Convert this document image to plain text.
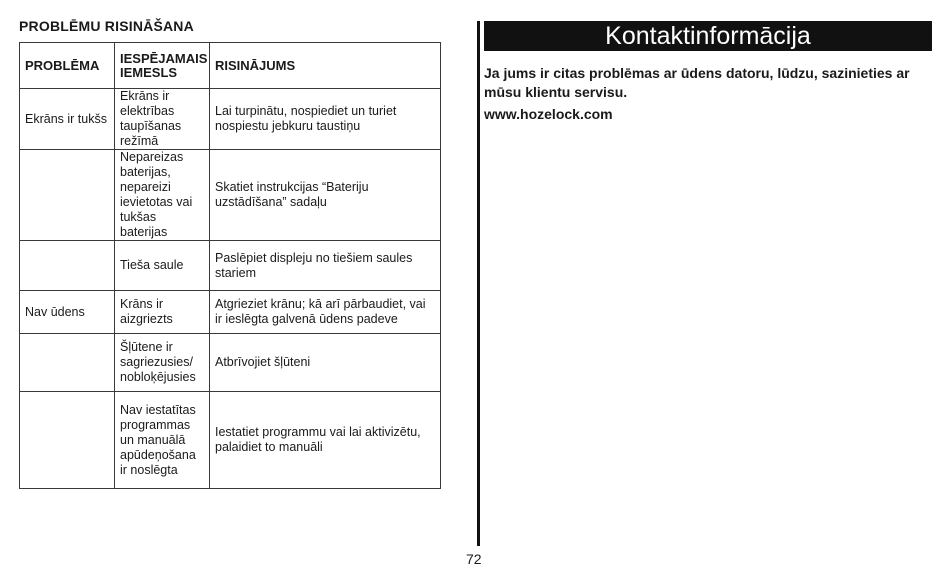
PROBLĒMU RISINĀŠANA
PROBLĒMA	IESPĒJAMAIS IEMESLS	RISINĀJUMS
Ekrāns ir tukšs	Ekrāns ir elektrības taupīšanas režīmā	Lai turpinātu, nospiediet un turiet nospiestu jebkuru taustiņu
	Nepareizas baterijas, nepareizi ievietotas vai tukšas baterijas	Skatiet instrukcijas “Bateriju uzstādīšana” sadaļu
	Tieša saule	Paslēpiet displeju no tiešiem saules stariem
Nav ūdens	Krāns ir aizgriezts	Atgrieziet krānu; kā arī pārbaudiet, vai ir ieslēgta galvenā ūdens padeve
	Šļūtene ir sagriezusies/ nobloķējusies	Atbrīvojiet šļūteni
	Nav iestatītas programmas un manuālā apūdeņošana ir noslēgta	Iestatiet programmu vai lai aktivizētu, palaidiet to manuāli
Kontaktinformācija
Ja jums ir citas problēmas ar ūdens datoru, lūdzu, sazinieties ar mūsu klientu servisu.
www.hozelock.com
72
